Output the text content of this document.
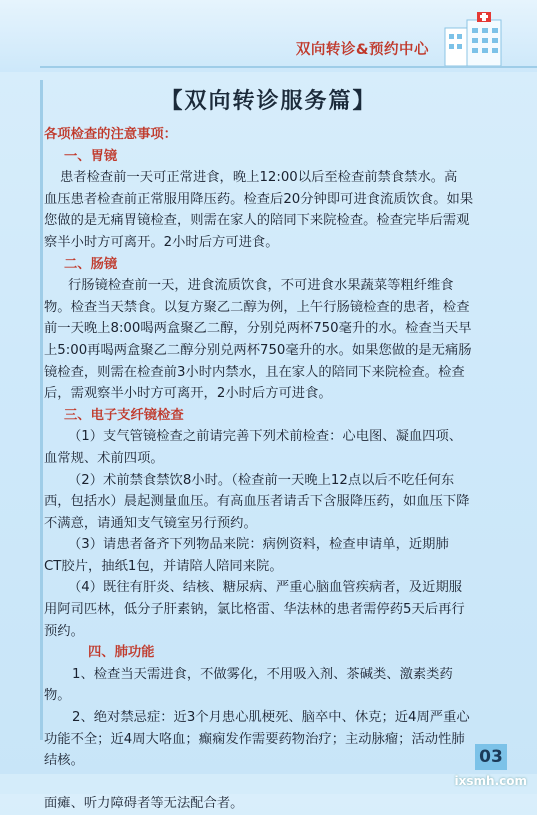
双向转诊&预约中心
【双向转诊服务篇】
各项检查的注意事项：
一、胃镜

患者检查前一天可正常进食，晚上12:00以后至检查前禁食禁水。高

血压患者检查前正常服用降压药。检查后20分钟即可进食流质饮食。如果

您做的是无痛胃镜检查，则需在家人的陪同下来院检查。检查完毕后需观

察半小时方可离开。2小时后方可进食。

二、肠镜

行肠镜检查前一天，进食流质饮食，不可进食水果蔬菜等粗纤维食

物。检查当天禁食。以复方聚乙二醇为例，上午行肠镜检查的患者，检查

前一天晚上8:00喝两盒聚乙二醇，分别兑两杯750毫升的水。检查当天早

上5:00再喝两盒聚乙二醇分别兑两杯750毫升的水。如果您做的是无痛肠

镜检查，则需在检查前3小时内禁水，且在家人的陪同下来院检查。检查

后，需观察半小时方可离开，2小时后方可进食。

三、电子支纤镜检查

（1）支气管镜检查之前请完善下列术前检查：心电图、凝血四项、

血常规、术前四项。

（2）术前禁食禁饮8小时。（检查前一天晚上12点以后不吃任何东

西，包括水）晨起测量血压。有高血压者请舌下含服降压药，如血压下降

不满意，请通知支气镜室另行预约。

（3）请患者备齐下列物品来院：病例资料，检查申请单，近期肺

CT胶片，抽纸1包，并请陪人陪同来院。

（4）既往有肝炎、结核、糖尿病、严重心脑血管疾病者，及近期服

用阿司匹林，低分子肝素钠，氯比格雷、华法林的患者需停药5天后再行

预约。

四、肺功能

1、检查当天需进食，不做雾化，不用吸入剂、茶碱类、激素类药

物。

2、绝对禁忌症：近3个月患心肌梗死、脑卒中、休克；近4周严重心

功能不全；近4周大咯血；癫痫发作需要药物治疗；主动脉瘤；活动性肺

结核。

面瘫、听力障碍者等无法配合者。

03
ixsmh.com
